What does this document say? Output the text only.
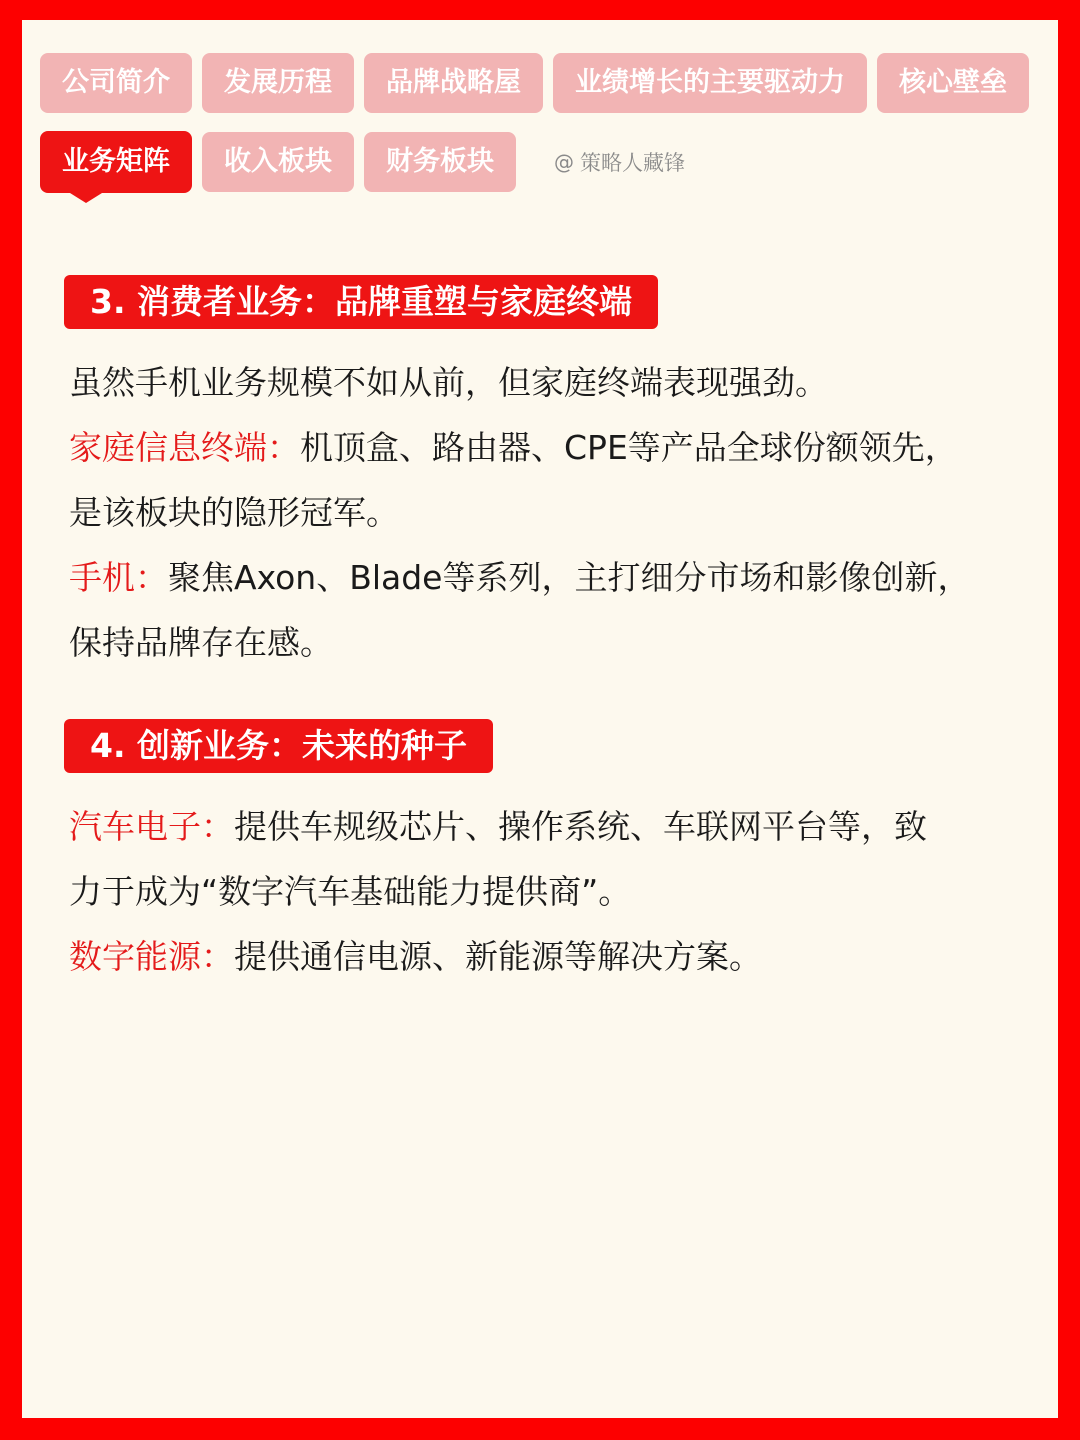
公司简介	发展历程	品牌战略屋	业绩增长的主要驱动力	核心壁垒
业务矩阵	收入板块	财务板块	@ 策略人藏锋
3. 消费者业务：品牌重塑与家庭终端

虽然手机业务规模不如从前，但家庭终端表现强劲。
家庭信息终端：机顶盒、路由器、CPE等产品全球份额领先，
是该板块的隐形冠军。
手机：聚焦Axon、Blade等系列，主打细分市场和影像创新，
保持品牌存在感。

4. 创新业务：未来的种子

汽车电子：提供车规级芯片、操作系统、车联网平台等，致
力于成为“数字汽车基础能力提供商”。
数字能源：提供通信电源、新能源等解决方案。
